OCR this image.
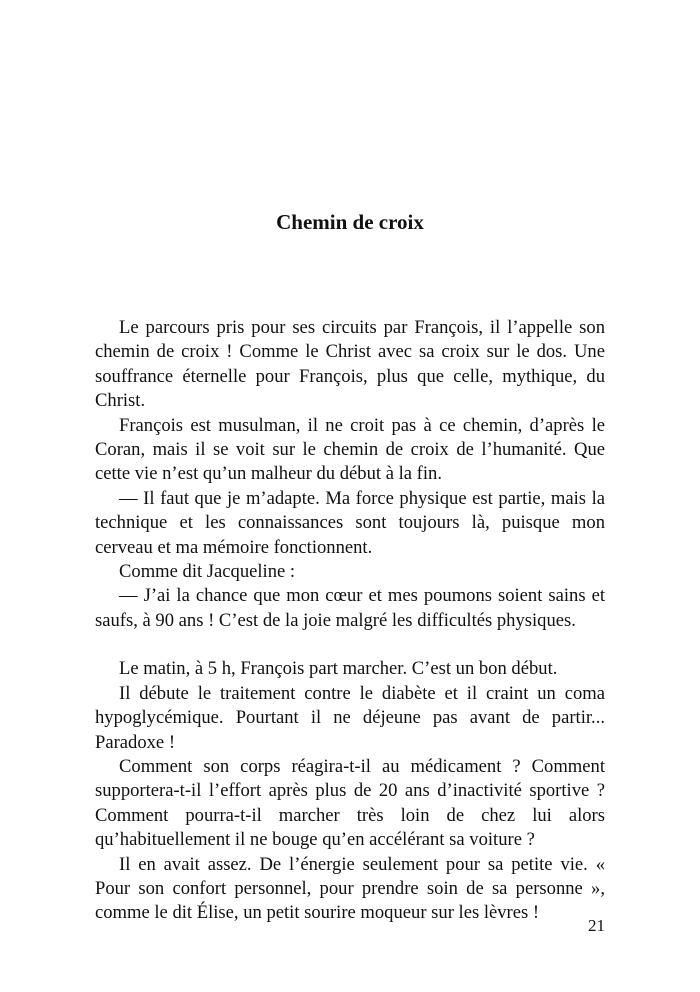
Chemin de croix

Le parcours pris pour ses circuits par François, il l’appelle son chemin de croix ! Comme le Christ avec sa croix sur le dos. Une souffrance éternelle pour François, plus que celle, mythique, du Christ.

François est musulman, il ne croit pas à ce chemin, d’après le Coran, mais il se voit sur le chemin de croix de l’humanité. Que cette vie n’est qu’un malheur du début à la fin.

— Il faut que je m’adapte. Ma force physique est partie, mais la technique et les connaissances sont toujours là, puisque mon cerveau et ma mémoire fonctionnent.

Comme dit Jacqueline :

— J’ai la chance que mon cœur et mes poumons soient sains et saufs, à 90 ans ! C’est de la joie malgré les difficultés physiques.

Le matin, à 5 h, François part marcher. C’est un bon début.

Il débute le traitement contre le diabète et il craint un coma hypoglycémique. Pourtant il ne déjeune pas avant de partir... Paradoxe !

Comment son corps réagira-t-il au médicament ? Comment supportera-t-il l’effort après plus de 20 ans d’inactivité sportive ? Comment pourra-t-il marcher très loin de chez lui alors qu’habituellement il ne bouge qu’en accélérant sa voiture ?

Il en avait assez. De l’énergie seulement pour sa petite vie. « Pour son confort personnel, pour prendre soin de sa personne », comme le dit Élise, un petit sourire moqueur sur les lèvres !

21
